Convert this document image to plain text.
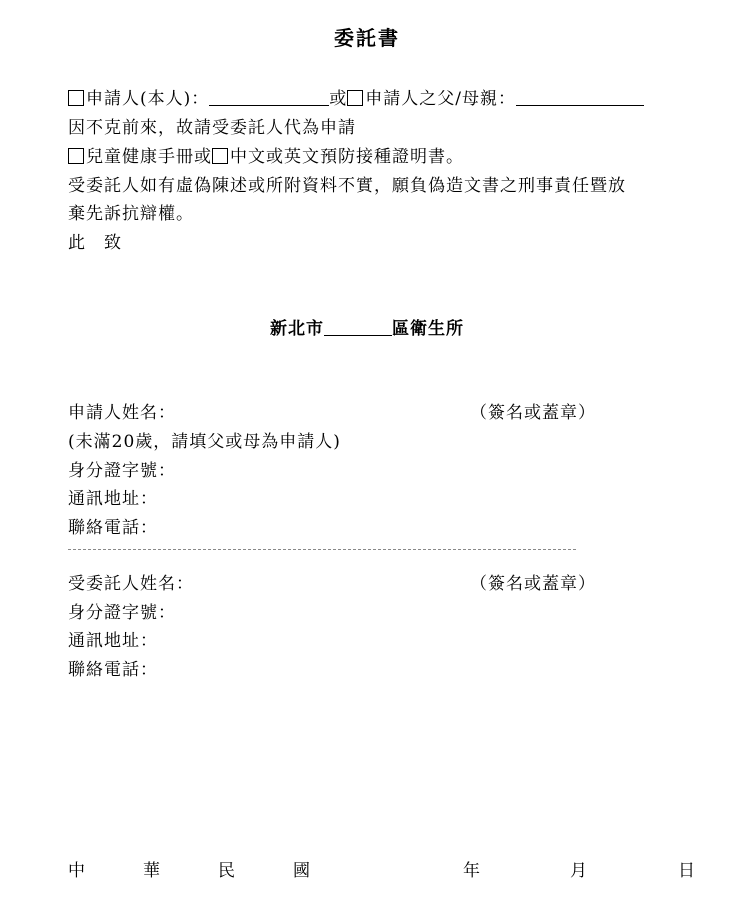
委託書
申請人(本人)：	或 申請人之父/母親：
因不克前來，故請受委託人代為申請
兒童健康手冊或 中文或英文預防接種證明書。
受委託人如有虛偽陳述或所附資料不實，願負偽造文書之刑事責任暨放
棄先訴抗辯權。
此　致
新北市	區衛生所
申請人姓名：	（簽名或蓋章）
(未滿20歲，請填父或母為申請人)
身分證字號：
通訊地址：
聯絡電話：
受委託人姓名：	（簽名或蓋章）
身分證字號：
通訊地址：
聯絡電話：
中	華	民	國	年	月	日
